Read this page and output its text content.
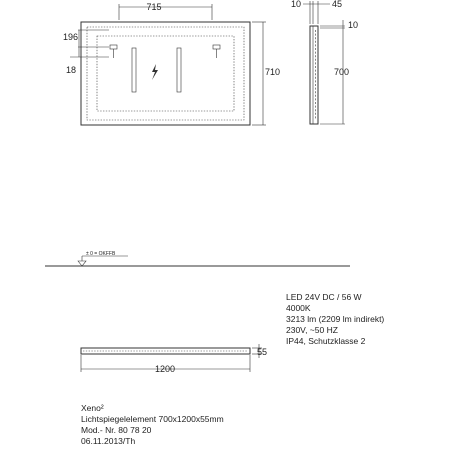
715
196
18	710
10	45
10
700
± 0 = OKFFB
1200
55
LED 24V DC / 56 W
4000K
3213 lm (2209 lm indirekt)
230V, ~50 HZ
IP44, Schutzklasse 2
Xeno²
Lichtspiegelelement 700x1200x55mm
Mod.- Nr. 80 78 20
06.11.2013/Th
